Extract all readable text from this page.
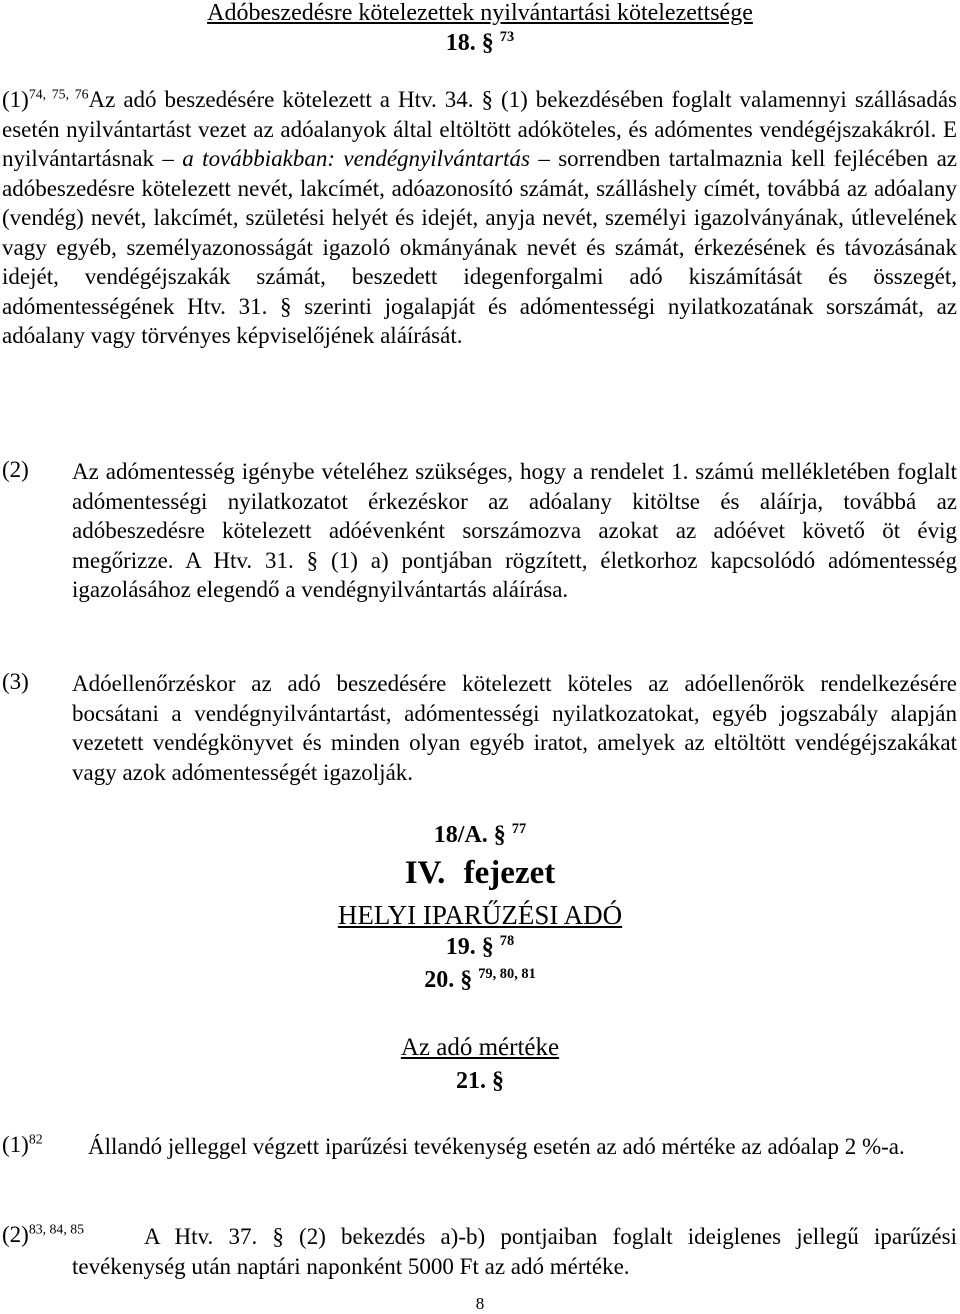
Adóbeszedésre kötelezettek nyilvántartási kötelezettsége
18. § $^{73}$
$(1)^{74, 75, 76}Az$ adó beszedésére kötelezett a Htv. 34. § (1) bekezdésében foglalt valamennyi szállásadás esetén nyilvántartást vezet az adóalanyok által eltöltött adóköteles, és adómentes vendégéjszakákról. E nyilvántartásnak – a továbbiakban: vendégnyilvántartás – sorrendben tartalmaznia kell fejlécében az adóbeszedésre kötelezett nevét, lakcímét, adóazonosító számát, szálláshely címét, továbbá az adóalany (vendég) nevét, lakcímét, születési helyét és idejét, anyja nevét, személyi igazolványának, útlevelének vagy egyéb, személyazonosságát igazoló okmányának nevét és számát, érkezésének és távozásának idejét, vendégéjszakák számát, beszedett idegenforgalmi adó kiszámítását és összegét, adómentességének Htv. 31. § szerinti jogalapját és adómentességi nyilatkozatának sorszámát, az adóalany vagy törvényes képviselőjének aláírását.
(2) Az adómentesség igénybe vételéhez szükséges, hogy a rendelet 1. számú mellékletében foglalt adómentességi nyilatkozatot érkezéskor az adóalany kitöltse és aláírja, továbbá az adóbeszedésre kötelezett adóévenként sorszámozva azokat az adóévet követő öt évig megőrizze. A Htv. 31. § (1) a) pontjában rögzített, életkorhoz kapcsolódó adómentesség igazolásához elegendő a vendégnyilvántartás aláírása.
(3) Adóellenőrzéskor az adó beszedésére kötelezett köteles az adóellenőrök rendelkezésére bocsátani a vendégnyilvántartást, adómentességi nyilatkozatokat, egyéb jogszabály alapján vezetett vendégkönyvet és minden olyan egyéb iratot, amelyek az eltöltött vendégéjszakákat vagy azok adómentességét igazolják.
18/A. § $^{77}$
IV. fejezet
HELYI IPARŰZÉSI ADÓ
19. § $^{78}$
20. § $^{79, 80, 81}$
Az adó mértéke
21. §
$(1)^{82}$ Állandó jelleggel végzett iparűzési tevékenység esetén az adó mértéke az adóalap 2 %-a.
$(2)^{83, 84, 85}$	A Htv. 37. § (2) bekezdés a)-b) pontjaiban foglalt ideiglenes jellegű iparűzési tevékenység után naptári naponként 5000 Ft az adó mértéke.
8
